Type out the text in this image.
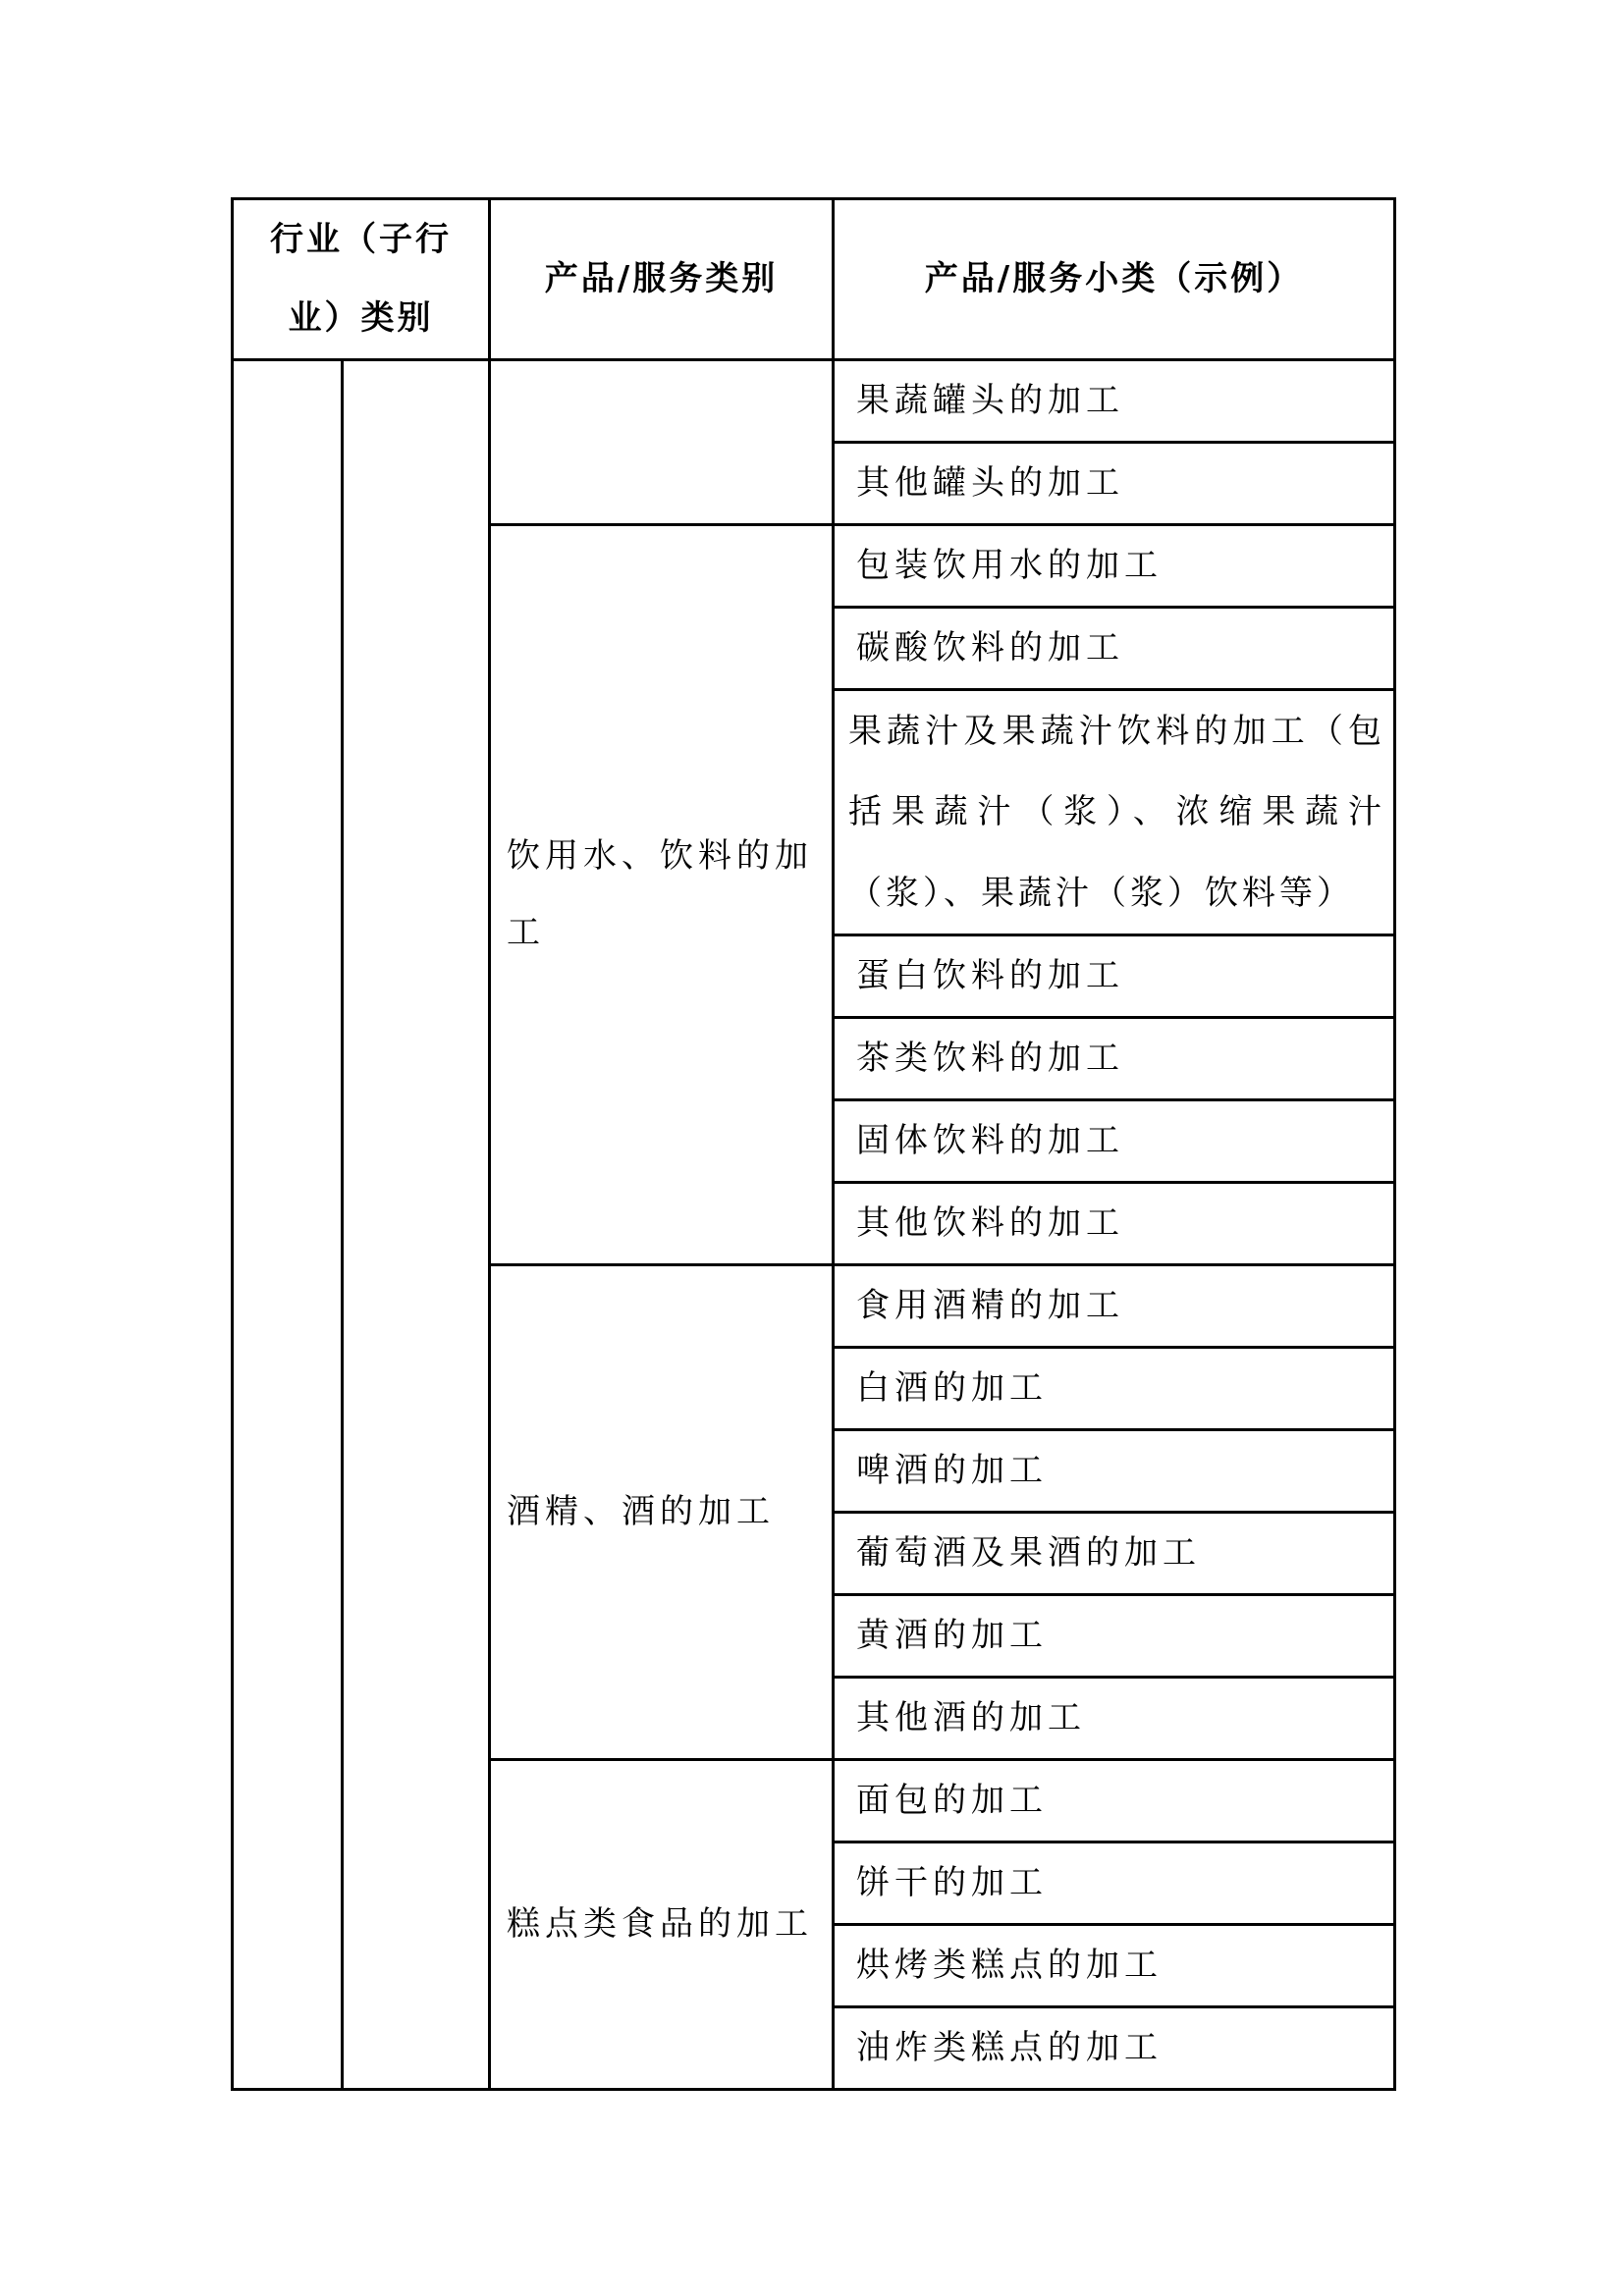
行业（子行业）类别		产品/服务类别	产品/服务小类（示例）
			果蔬罐头的加工
			其他罐头的加工
		饮用水、饮料的加工	包装饮用水的加工
			碳酸饮料的加工
			果蔬汁及果蔬汁饮料的加工（包括果蔬汁（浆）、浓缩果蔬汁（浆）、果蔬汁（浆）饮料等）
			蛋白饮料的加工
			茶类饮料的加工
			固体饮料的加工
			其他饮料的加工
		酒精、酒的加工	食用酒精的加工
			白酒的加工
			啤酒的加工
			葡萄酒及果酒的加工
			黄酒的加工
			其他酒的加工
		糕点类食品的加工	面包的加工
			饼干的加工
			烘烤类糕点的加工
			油炸类糕点的加工
